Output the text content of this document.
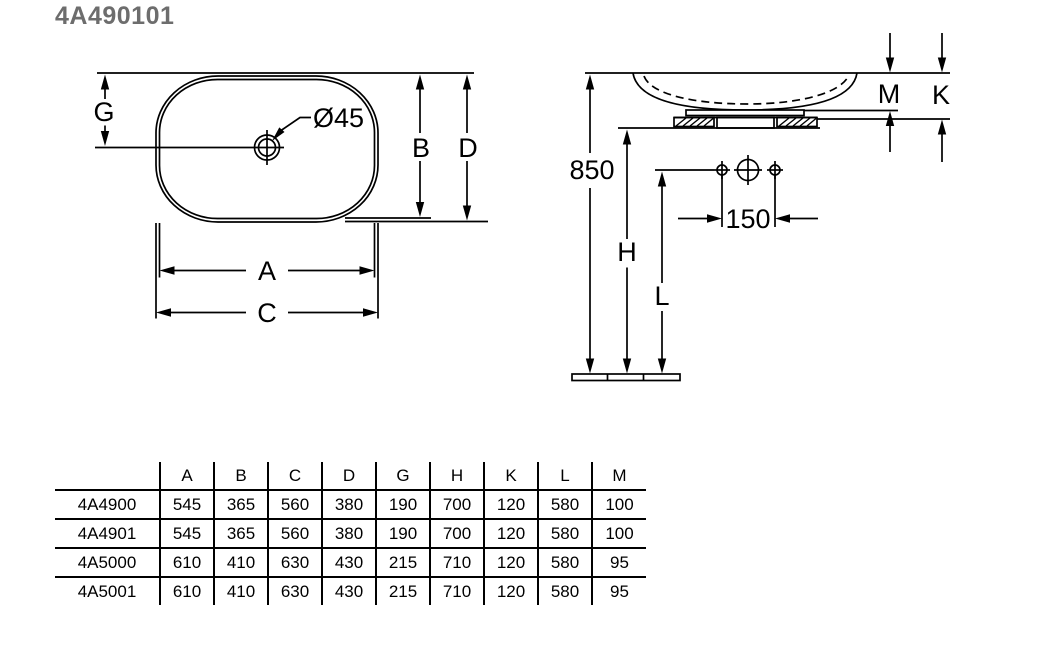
4A490101
G	Ø45
B D
A
C
M K
850
H
L
150
	A	B	C	D	G	H	K	L	M
4A4900	545	365	560	380	190	700	120	580	100
4A4901	545	365	560	380	190	700	120	580	100
4A5000	610	410	630	430	215	710	120	580	95
4A5001	610	410	630	430	215	710	120	580	95
